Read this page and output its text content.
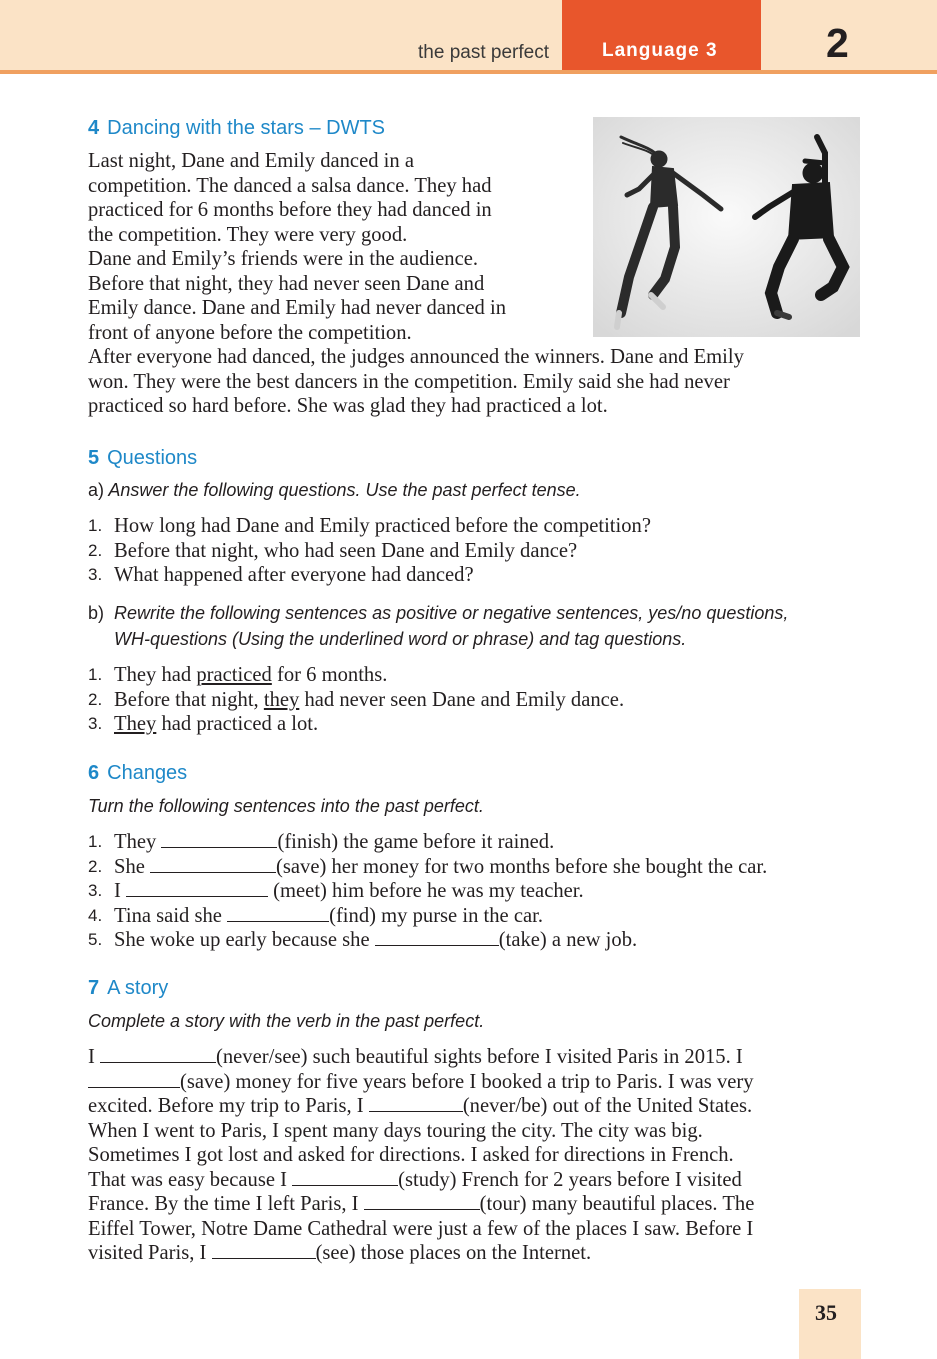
the past perfect	Language 3	2
4 Dancing with the stars – DWTS
Last night, Dane and Emily danced in a
competition. The danced a salsa dance. They had
practiced for 6 months before they had danced in
the competition. They were very good.
Dane and Emily’s friends were in the audience.
Before that night, they had never seen Dane and
Emily dance. Dane and Emily had never danced in
front of anyone before the competition.
After everyone had danced, the judges announced the winners. Dane and Emily
won. They were the best dancers in the competition. Emily said she had never
practiced so hard before. She was glad they had practiced a lot.
5 Questions
a) Answer the following questions. Use the past perfect tense.
1. How long had Dane and Emily practiced before the competition?
2. Before that night, who had seen Dane and Emily dance?
3. What happened after everyone had danced?
b) Rewrite the following sentences as positive or negative sentences, yes/no questions,
WH-questions (Using the underlined word or phrase) and tag questions.
1. They had practiced for 6 months.
2. Before that night, they had never seen Dane and Emily dance.
3. They had practiced a lot.
6 Changes
Turn the following sentences into the past perfect.
1. They	(finish) the game before it rained.
2. She	(save) her money for two months before she bought the car.
3. I	(meet) him before he was my teacher.
4. Tina said she	(find) my purse in the car.
5. She woke up early because she	(take) a new job.
7 A story
Complete a story with the verb in the past perfect.
I	(never/see) such beautiful sights before I visited Paris in 2015. I
(save) money for five years before I booked a trip to Paris. I was very
excited. Before my trip to Paris, I	(never/be) out of the United States.
When I went to Paris, I spent many days touring the city. The city was big.
Sometimes I got lost and asked for directions. I asked for directions in French.
That was easy because I	(study) French for 2 years before I visited
France. By the time I left Paris, I	(tour) many beautiful places. The
Eiffel Tower, Notre Dame Cathedral were just a few of the places I saw. Before I
visited Paris, I	(see) those places on the Internet.
35
